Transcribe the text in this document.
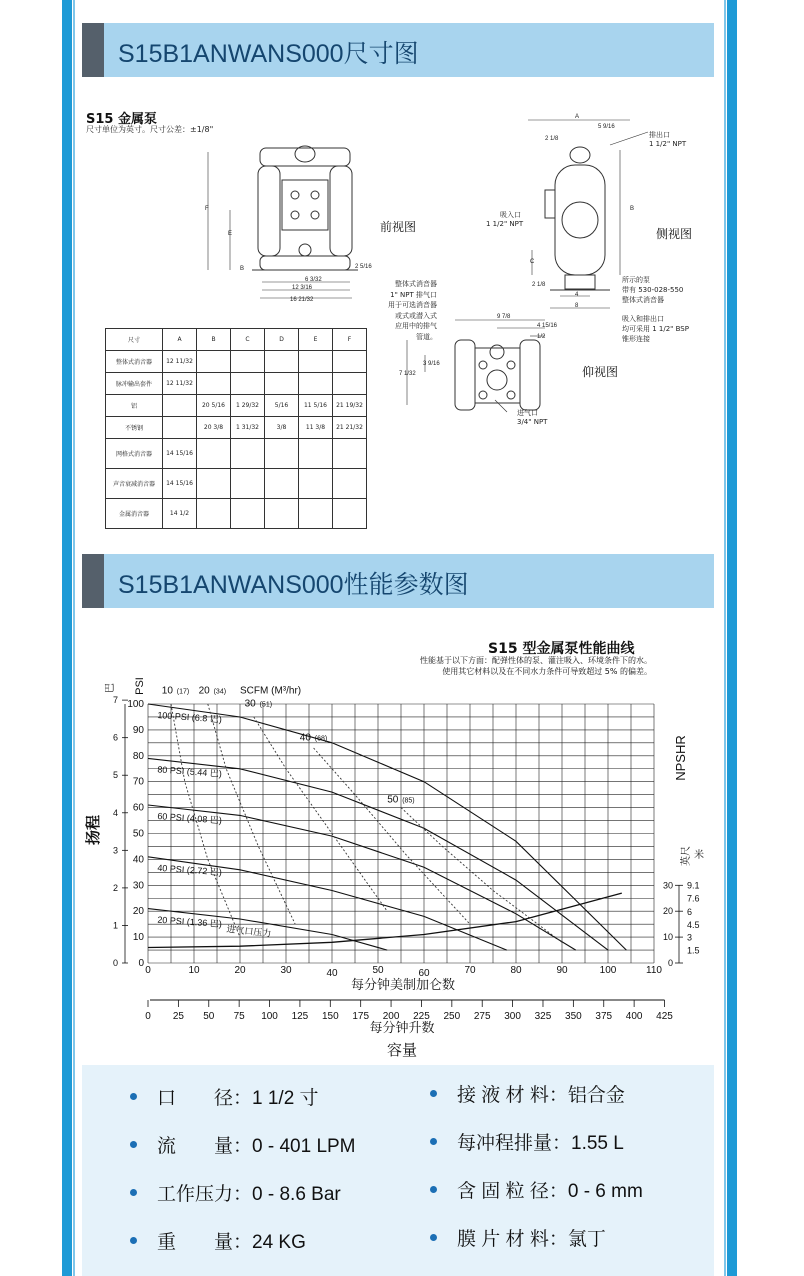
S15B1ANWANS000尺寸图
S15 金属泵
尺寸单位为英寸。尺寸公差：±1/8"
F
E
B
6 3/32
12 3/16
16 21/32
2 5/16
前视图
A
5 9/16
2 1/8
B
C
2 1/8
4
8
排出口
1 1/2" NPT
吸入口
1 1/2" NPT
侧视图
整体式消音器
1" NPT 排气口
用于可选消音器
或式或潜入式
应用中的排气
管道。
所示的泵
带有 530-028-550
整体式消音器
吸入和排出口
均可采用 1 1/2" BSP
锥形连接
9 7/8
4 15/16
1/2
3 9/16
7 1/32	仰视图
进气口
3/4" NPT
尺寸	A	B	C	D	E	F
整体式消音器	12 11/32					
脉冲输出套件	12 11/32					
铝		20 5/16	1 29/32	5/16	11 5/16	21 19/32
不锈钢		20 3/8	1 31/32	3/8	11 3/8	21 21/32
网格式消音器	14 15/16					
声音衰减消音器	14 15/16					
金属消音器	14 1/2					
S15B1ANWANS000性能参数图
S15 型金属泵性能曲线
性能基于以下方面：配弹性体的泵、灌注吸入、环境条件下的水。
使用其它材料以及在不同水力条件可导致超过 5% 的偏差。
0
10
20
30
40
50
60
70
80
90
100
0
1
2
3
4
5
6
7
巴 PSI
扬程
0	10	20	30	40	50	60	70	80	90	100	110
每分钟美制加仑数
0 25 50 75 100 125 150 175 200 225 250 275 300 325 350 375 400 425
每分钟升数
容量
100 PSI (6.8 巴)
80 PSI (5.44 巴)
60 PSI (4.08 巴)
40 PSI (2.72 巴)
20 PSI (1.36 巴)
进气口压力
10 (17) 20 (34)
30 (51)
40 (68)
50 (85)
SCFM (M³/hr)
NPSHR
英尺 米
0
10
20
30
1.5
3
4.5
6
7.6
9.1
口　　径：1 1/2 寸	接 液 材 料：铝合金
流　　量：0 - 401 LPM	每冲程排量：1.55 L
工作压力：0 - 8.6 Bar	含 固 粒 径：0 - 6 mm
重　　量：24 KG	膜 片 材 料：氯丁
